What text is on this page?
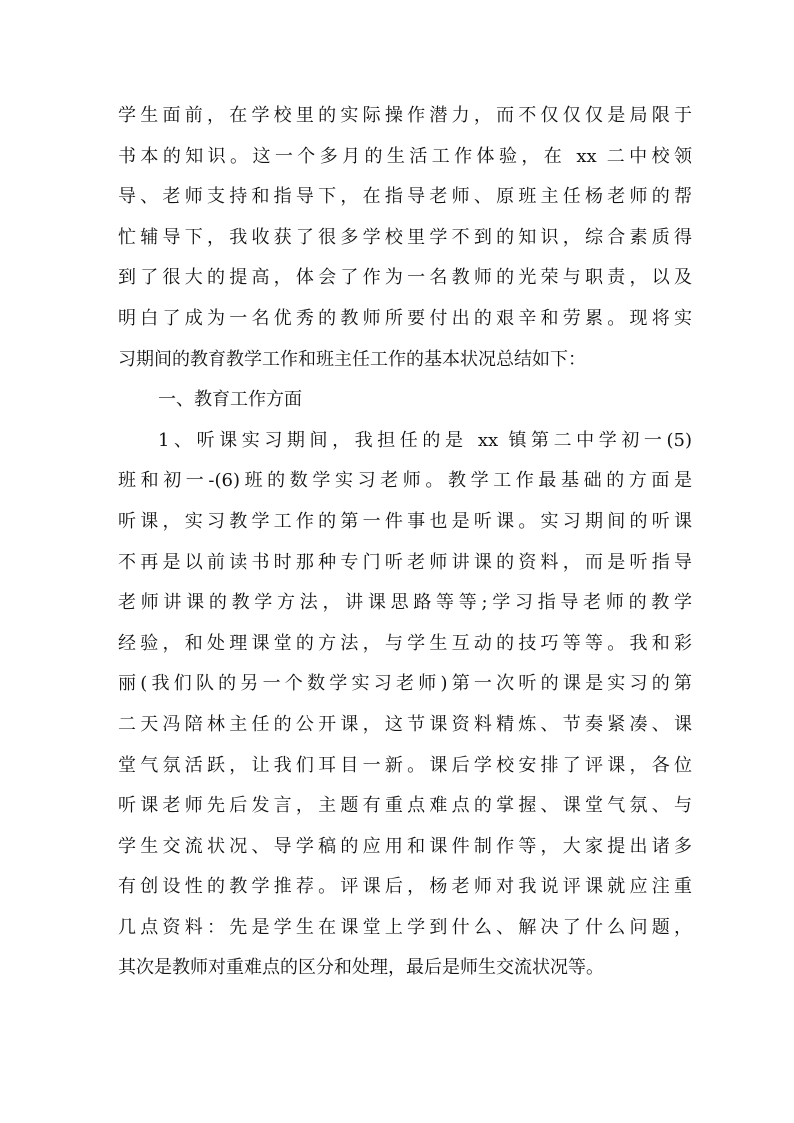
学生面前，在学校里的实际操作潜力，而不仅仅仅是局限于
书本的知识。这一个多月的生活工作体验，在 xx 二中校领
导、老师支持和指导下，在指导老师、原班主任杨老师的帮
忙辅导下，我收获了很多学校里学不到的知识，综合素质得
到了很大的提高，体会了作为一名教师的光荣与职责，以及
明白了成为一名优秀的教师所要付出的艰辛和劳累。现将实
习期间的教育教学工作和班主任工作的基本状况总结如下：
一、教育工作方面
1、听课实习期间，我担任的是 xx 镇第二中学初一(5)
班和初一-(6)班的数学实习老师。教学工作最基础的方面是
听课，实习教学工作的第一件事也是听课。实习期间的听课
不再是以前读书时那种专门听老师讲课的资料，而是听指导
老师讲课的教学方法，讲课思路等等;学习指导老师的教学
经验，和处理课堂的方法，与学生互动的技巧等等。我和彩
丽(我们队的另一个数学实习老师)第一次听的课是实习的第
二天冯陪林主任的公开课，这节课资料精炼、节奏紧凑、课
堂气氛活跃，让我们耳目一新。课后学校安排了评课，各位
听课老师先后发言，主题有重点难点的掌握、课堂气氛、与
学生交流状况、导学稿的应用和课件制作等，大家提出诸多
有创设性的教学推荐。评课后，杨老师对我说评课就应注重
几点资料：先是学生在课堂上学到什么、解决了什么问题，
其次是教师对重难点的区分和处理，最后是师生交流状况等。
